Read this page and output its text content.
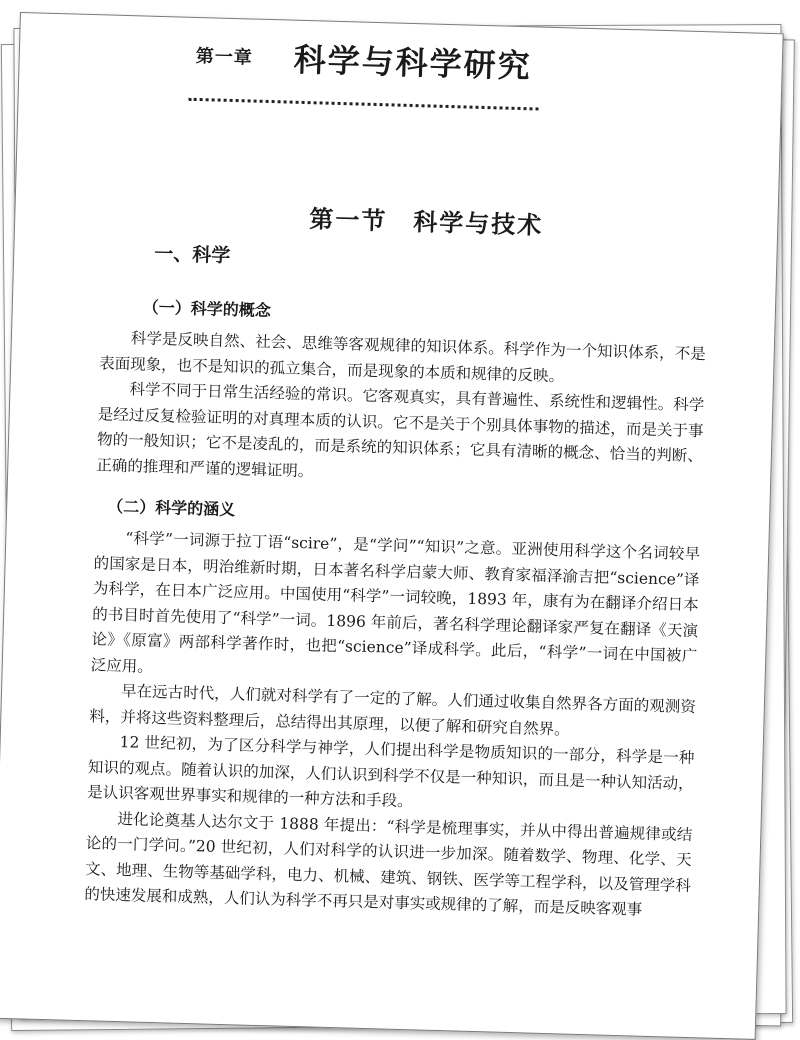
第一章 科学与科学研究
第一节　科学与技术
一、科学
（一）科学的概念

科学是反映自然、社会、思维等客观规律的知识体系。科学作为一个知识体系，不是表面现象，也不是知识的孤立集合，而是现象的本质和规律的反映。

科学不同于日常生活经验的常识。它客观真实，具有普遍性、系统性和逻辑性。科学是经过反复检验证明的对真理本质的认识。它不是关于个别具体事物的描述，而是关于事物的一般知识；它不是凌乱的，而是系统的知识体系；它具有清晰的概念、恰当的判断、正确的推理和严谨的逻辑证明。

（二）科学的涵义

“科学”一词源于拉丁语“scire”，是“学问”“知识”之意。亚洲使用科学这个名词较早的国家是日本，明治维新时期，日本著名科学启蒙大师、教育家福泽渝吉把“science”译为科学，在日本广泛应用。中国使用“科学”一词较晚，1893 年，康有为在翻译介绍日本的书目时首先使用了“科学”一词。1896 年前后，著名科学理论翻译家严复在翻译《天演论》《原富》两部科学著作时，也把“science”译成科学。此后，“科学”一词在中国被广泛应用。

早在远古时代，人们就对科学有了一定的了解。人们通过收集自然界各方面的观测资料，并将这些资料整理后，总结得出其原理，以便了解和研究自然界。

12 世纪初，为了区分科学与神学，人们提出科学是物质知识的一部分，科学是一种知识的观点。随着认识的加深，人们认识到科学不仅是一种知识，而且是一种认知活动，是认识客观世界事实和规律的一种方法和手段。

进化论奠基人达尔文于 1888 年提出：“科学是梳理事实，并从中得出普遍规律或结论的一门学问。”20 世纪初，人们对科学的认识进一步加深。随着数学、物理、化学、天文、地理、生物等基础学科，电力、机械、建筑、钢铁、医学等工程学科，以及管理学科的快速发展和成熟，人们认为科学不再只是对事实或规律的了解，而是反映客观事
